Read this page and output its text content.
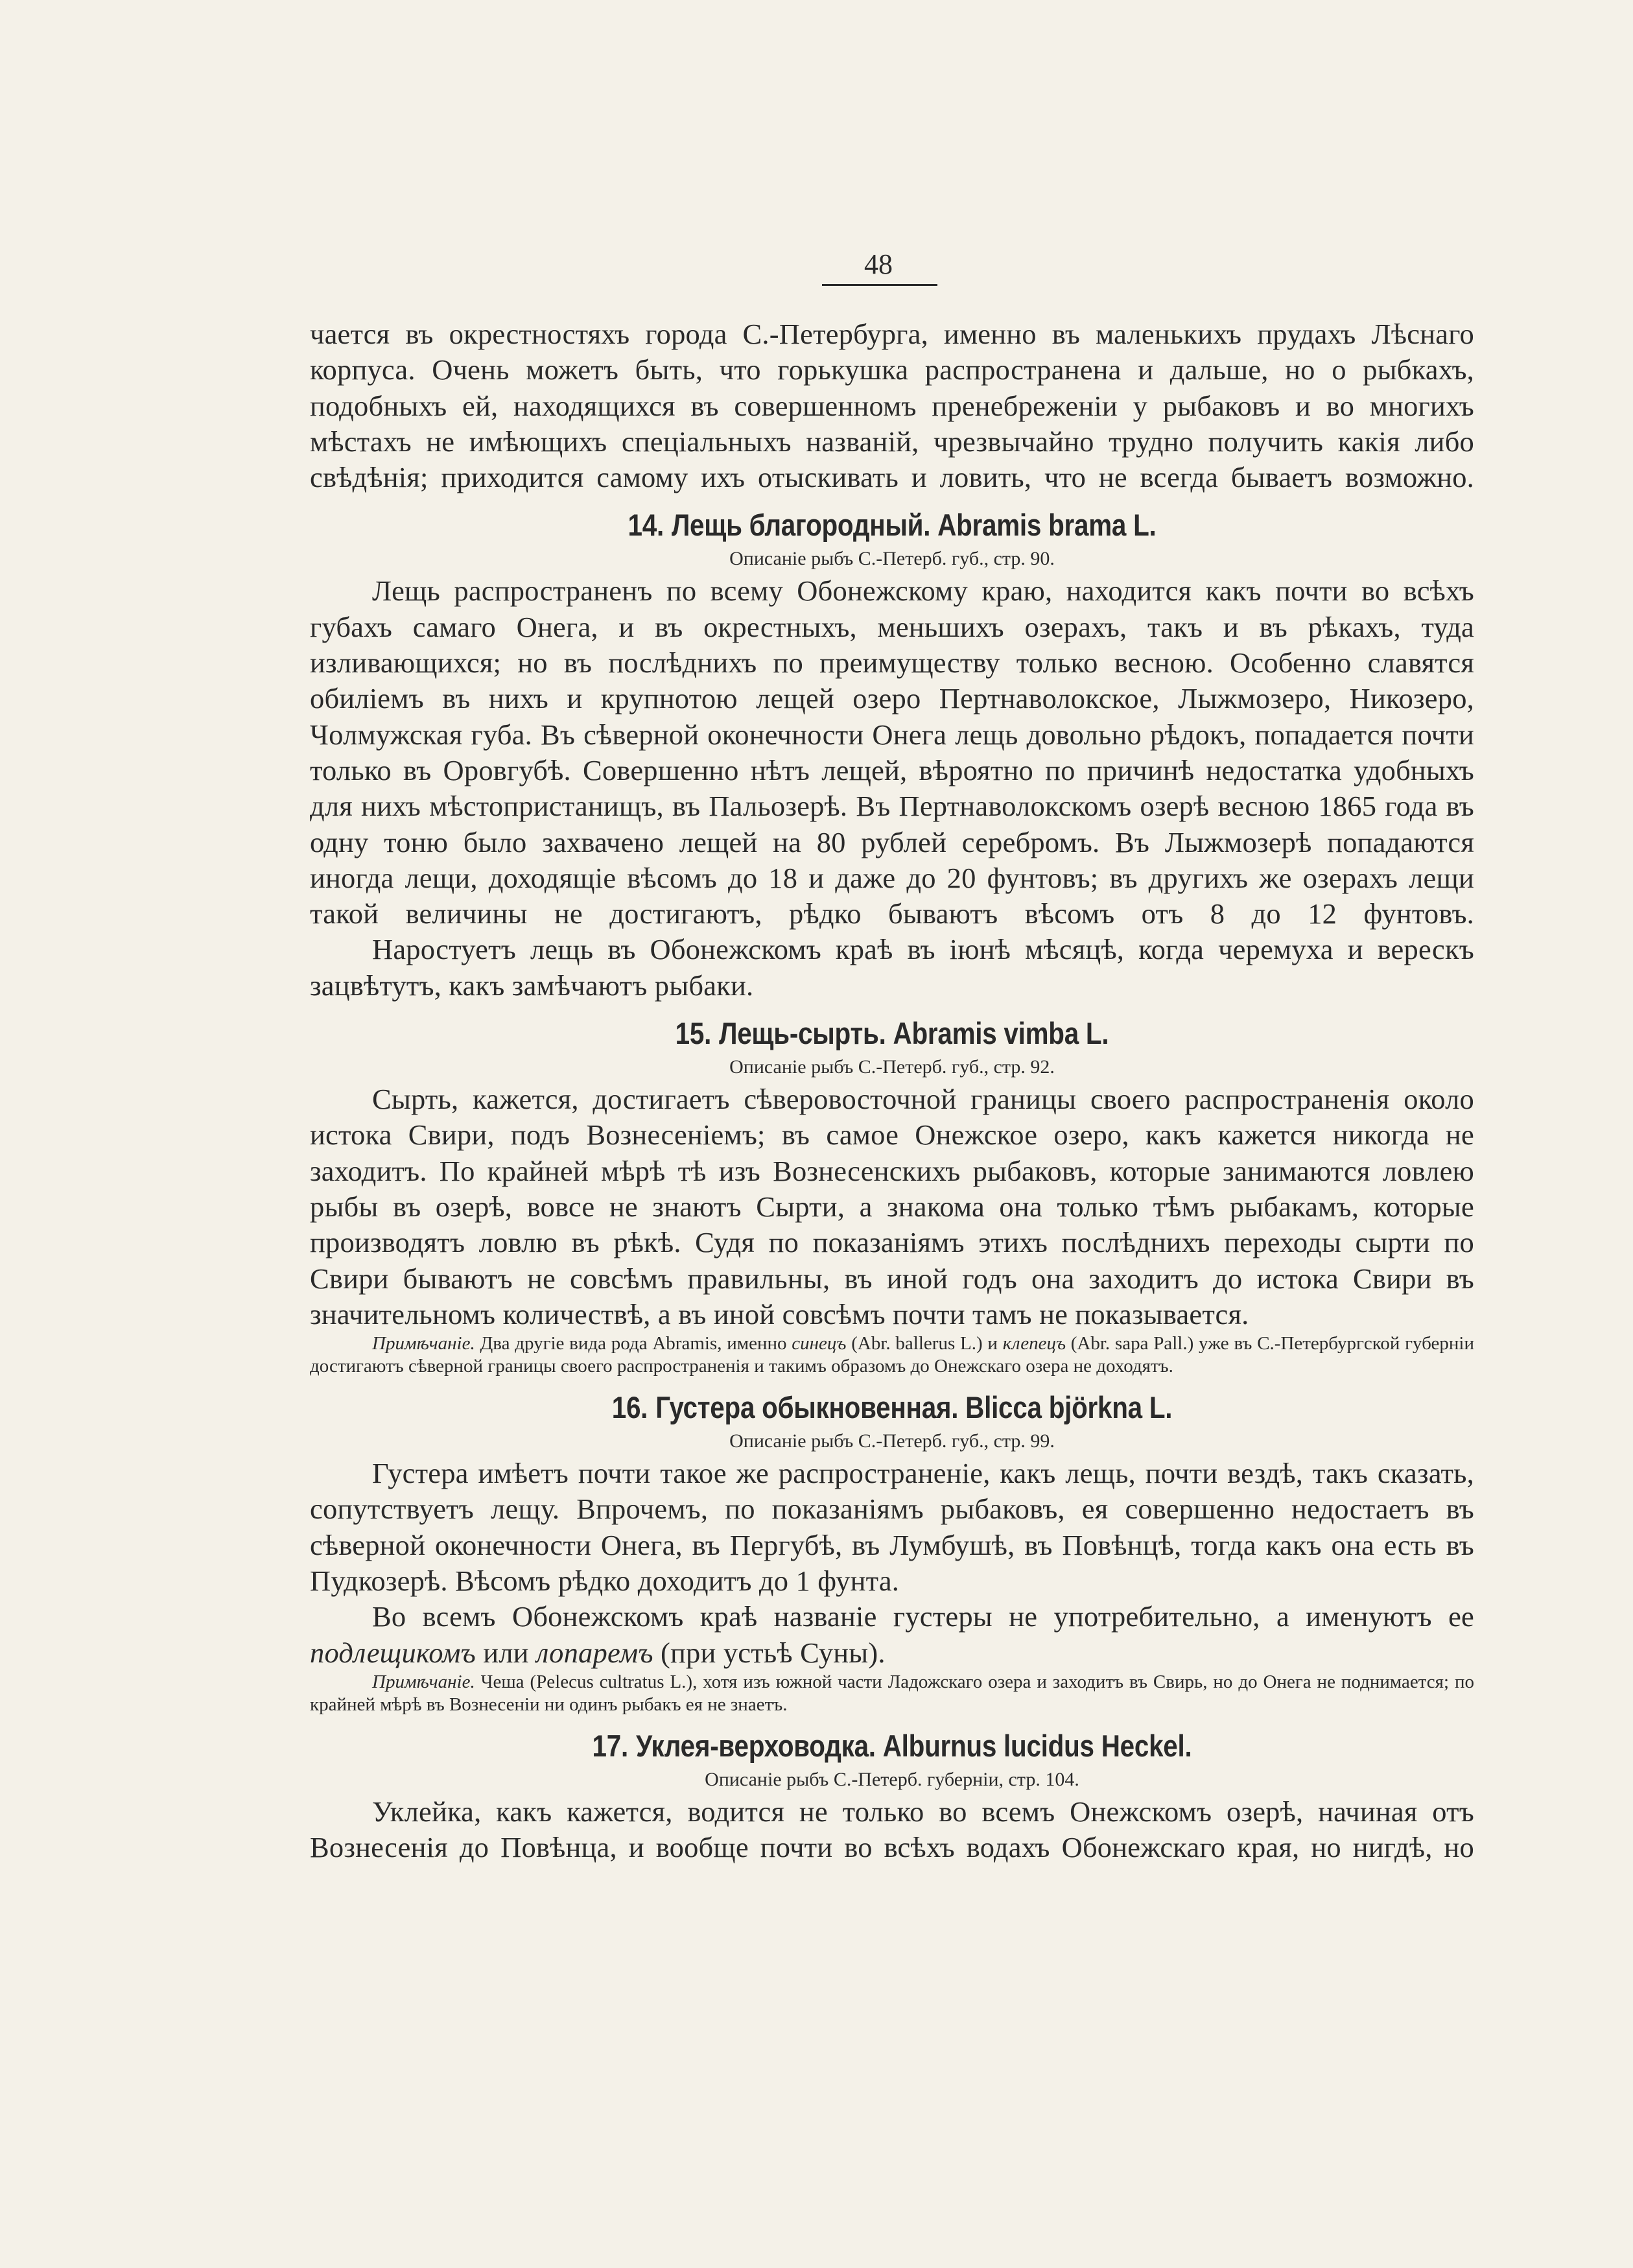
48

чается въ окрестностяхъ города С.-Петербурга, именно въ маленькихъ прудахъ Лѣснаго корпуса. Очень можетъ быть, что горькушка распространена и дальше, но о рыбкахъ, подобныхъ ей, находящихся въ совершенномъ пренебреженіи у рыбаковъ и во многихъ мѣстахъ не имѣющихъ спеціальныхъ названій, чрезвычайно трудно получить какія либо свѣдѣнія; приходится самому ихъ отыскивать и ловить, что не всегда бываетъ возможно.

14. Лещь благородный. Abramis brama L.

Описаніе рыбъ С.-Петерб. губ., стр. 90.

Лещь распространенъ по всему Обонежскому краю, находится какъ почти во всѣхъ губахъ самаго Онега, и въ окрестныхъ, меньшихъ озерахъ, такъ и въ рѣкахъ, туда изливающихся; но въ послѣднихъ по преимуществу только весною. Особенно славятся обиліемъ въ нихъ и крупнотою лещей озеро Пертнаволокское, Лыжмозеро, Никозеро, Чолмужская губа. Въ сѣверной оконечности Онега лещь довольно рѣдокъ, попадается почти только въ Оровгубѣ. Совершенно нѣтъ лещей, вѣроятно по причинѣ недостатка удобныхъ для нихъ мѣстопристанищъ, въ Пальозерѣ. Въ Пертнаволокскомъ озерѣ весною 1865 года въ одну тоню было захвачено лещей на 80 рублей серебромъ. Въ Лыжмозерѣ попадаются иногда лещи, доходящіе вѣсомъ до 18 и даже до 20 фунтовъ; въ другихъ же озерахъ лещи такой величины не достигаютъ, рѣдко бываютъ вѣсомъ отъ 8 до 12 фунтовъ.

Наростуетъ лещь въ Обонежскомъ краѣ въ іюнѣ мѣсяцѣ, когда черемуха и верескъ зацвѣтутъ, какъ замѣчаютъ рыбаки.

15. Лещь-сырть. Abramis vimba L.

Описаніе рыбъ С.-Петерб. губ., стр. 92.

Сырть, кажется, достигаетъ сѣверовосточной границы своего распространенія около истока Свири, подъ Вознесеніемъ; въ самое Онежское озеро, какъ кажется никогда не заходитъ. По крайней мѣрѣ тѣ изъ Вознесенскихъ рыбаковъ, которые занимаются ловлею рыбы въ озерѣ, вовсе не знаютъ Сырти, а знакома она только тѣмъ рыбакамъ, которые производятъ ловлю въ рѣкѣ. Судя по показаніямъ этихъ послѣднихъ переходы сырти по Свири бываютъ не совсѣмъ правильны, въ иной годъ она заходитъ до истока Свири въ значительномъ количествѣ, а въ иной совсѣмъ почти тамъ не показывается.

Примѣчаніе. Два другіе вида рода Abramis, именно синецъ (Abr. ballerus L.) и клепецъ (Abr. sapa Pall.) уже въ С.-Петербургской губерніи достигаютъ сѣверной границы своего распространенія и такимъ образомъ до Онежскаго озера не доходятъ.

16. Густера обыкновенная. Blicca björkna L.

Описаніе рыбъ С.-Петерб. губ., стр. 99.

Густера имѣетъ почти такое же распространеніе, какъ лещь, почти вездѣ, такъ сказать, сопутствуетъ лещу. Впрочемъ, по показаніямъ рыбаковъ, ея совершенно недостаетъ въ сѣверной оконечности Онега, въ Пергубѣ, въ Лумбушѣ, въ Повѣнцѣ, тогда какъ она есть въ Пудкозерѣ. Вѣсомъ рѣдко доходитъ до 1 фунта.

Во всемъ Обонежскомъ краѣ названіе густеры не употребительно, а именуютъ ее подлещикомъ или лопаремъ (при устьѣ Суны).

Примѣчаніе. Чеша (Pelecus cultratus L.), хотя изъ южной части Ладожскаго озера и заходитъ въ Свирь, но до Онега не поднимается; по крайней мѣрѣ въ Вознесеніи ни одинъ рыбакъ ея не знаетъ.

17. Уклея-верховодка. Alburnus lucidus Heckel.

Описаніе рыбъ С.-Петерб. губерніи, стр. 104.

Уклейка, какъ кажется, водится не только во всемъ Онежскомъ озерѣ, начиная отъ Вознесенія до Повѣнца, и вообще почти во всѣхъ водахъ Обонежскаго края, но нигдѣ, но
